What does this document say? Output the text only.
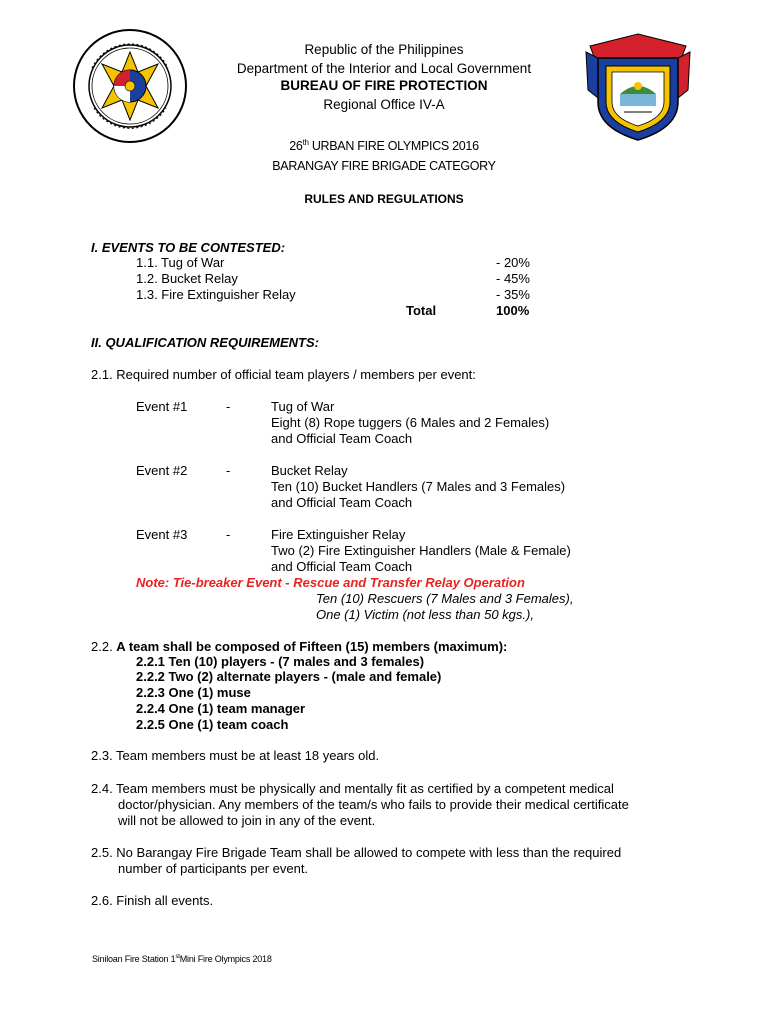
Republic of the Philippines
Department of the Interior and Local Government
BUREAU OF FIRE PROTECTION
Regional Office IV-A
26th URBAN FIRE OLYMPICS 2016
BARANGAY FIRE BRIGADE CATEGORY
RULES AND REGULATIONS
I. EVENTS TO BE CONTESTED:
1.1. Tug of War	- 20%
1.2. Bucket Relay	- 45%
1.3. Fire Extinguisher Relay	- 35%
Total	100%
II. QUALIFICATION REQUIREMENTS:
2.1. Required number of official team players / members per event:
Event #1	-	Tug of War
Eight (8) Rope tuggers (6 Males and 2 Females)
and Official Team Coach
Event #2	-	Bucket Relay
Ten (10) Bucket Handlers (7 Males and 3 Females)
and Official Team Coach
Event #3	-	Fire Extinguisher Relay
Two (2) Fire Extinguisher Handlers (Male & Female)
and Official Team Coach
Note: Tie-breaker Event - Rescue and Transfer Relay Operation
Ten (10) Rescuers (7 Males and 3 Females),
One (1) Victim (not less than 50 kgs.),
2.2. A team shall be composed of Fifteen (15) members (maximum):
2.2.1 Ten (10) players - (7 males and 3 females)
2.2.2 Two (2) alternate players - (male and female)
2.2.3 One (1) muse
2.2.4 One (1) team manager
2.2.5 One (1) team coach
2.3. Team members must be at least 18 years old.
2.4. Team members must be physically and mentally fit as certified by a competent medical
doctor/physician. Any members of the team/s who fails to provide their medical certificate
will not be allowed to join in any of the event.
2.5. No Barangay Fire Brigade Team shall be allowed to compete with less than the required
number of participants per event.
2.6. Finish all events.
Siniloan Fire Station 1stMini Fire Olympics 2018
